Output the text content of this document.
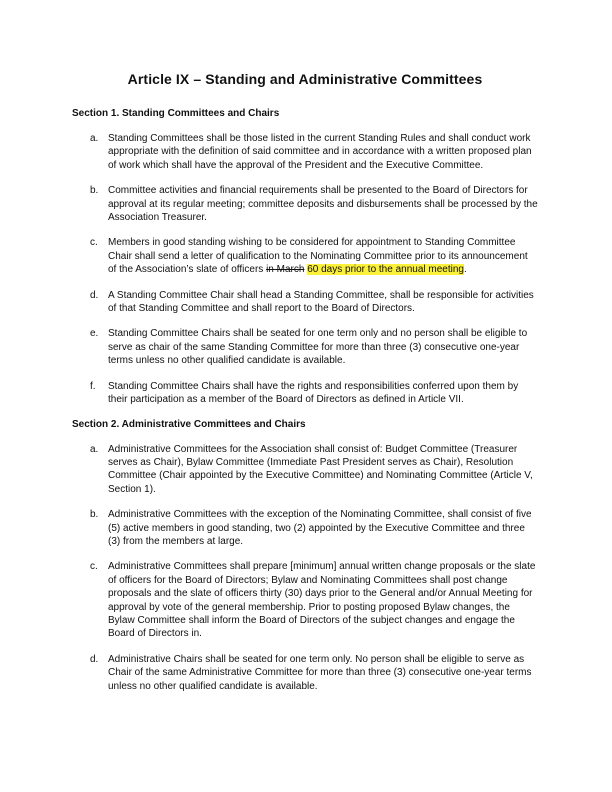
Article IX – Standing and Administrative Committees
Section 1. Standing Committees and Chairs
a. Standing Committees shall be those listed in the current Standing Rules and shall conduct work appropriate with the definition of said committee and in accordance with a written proposed plan of work which shall have the approval of the President and the Executive Committee.
b. Committee activities and financial requirements shall be presented to the Board of Directors for approval at its regular meeting; committee deposits and disbursements shall be processed by the Association Treasurer.
c.	Members in good standing wishing to be considered for appointment to Standing Committee Chair shall send a letter of qualification to the Nominating Committee prior to its announcement of the Association’s slate of officers in March 60 days prior to the annual meeting.
d. A Standing Committee Chair shall head a Standing Committee, shall be responsible for activities of that Standing Committee and shall report to the Board of Directors.
e. Standing Committee Chairs shall be seated for one term only and no person shall be eligible to serve as chair of the same Standing Committee for more than three (3) consecutive one-year terms unless no other qualified candidate is available.
f.	Standing Committee Chairs shall have the rights and responsibilities conferred upon them by their participation as a member of the Board of Directors as defined in Article VII.
Section 2. Administrative Committees and Chairs
a. Administrative Committees for the Association shall consist of: Budget Committee (Treasurer serves as Chair), Bylaw Committee (Immediate Past President serves as Chair), Resolution Committee (Chair appointed by the Executive Committee) and Nominating Committee (Article V, Section 1).
b. Administrative Committees with the exception of the Nominating Committee, shall consist of five (5) active members in good standing, two (2) appointed by the Executive Committee and three (3) from the members at large.
c.	Administrative Committees shall prepare [minimum] annual written change proposals or the slate of officers for the Board of Directors; Bylaw and Nominating Committees shall post change proposals and the slate of officers thirty (30) days prior to the General and/or Annual Meeting for approval by vote of the general membership. Prior to posting proposed Bylaw changes, the Bylaw Committee shall inform the Board of Directors of the subject changes and engage the Board of Directors in.
d. Administrative Chairs shall be seated for one term only. No person shall be eligible to serve as Chair of the same Administrative Committee for more than three (3) consecutive one-year terms unless no other qualified candidate is available.
